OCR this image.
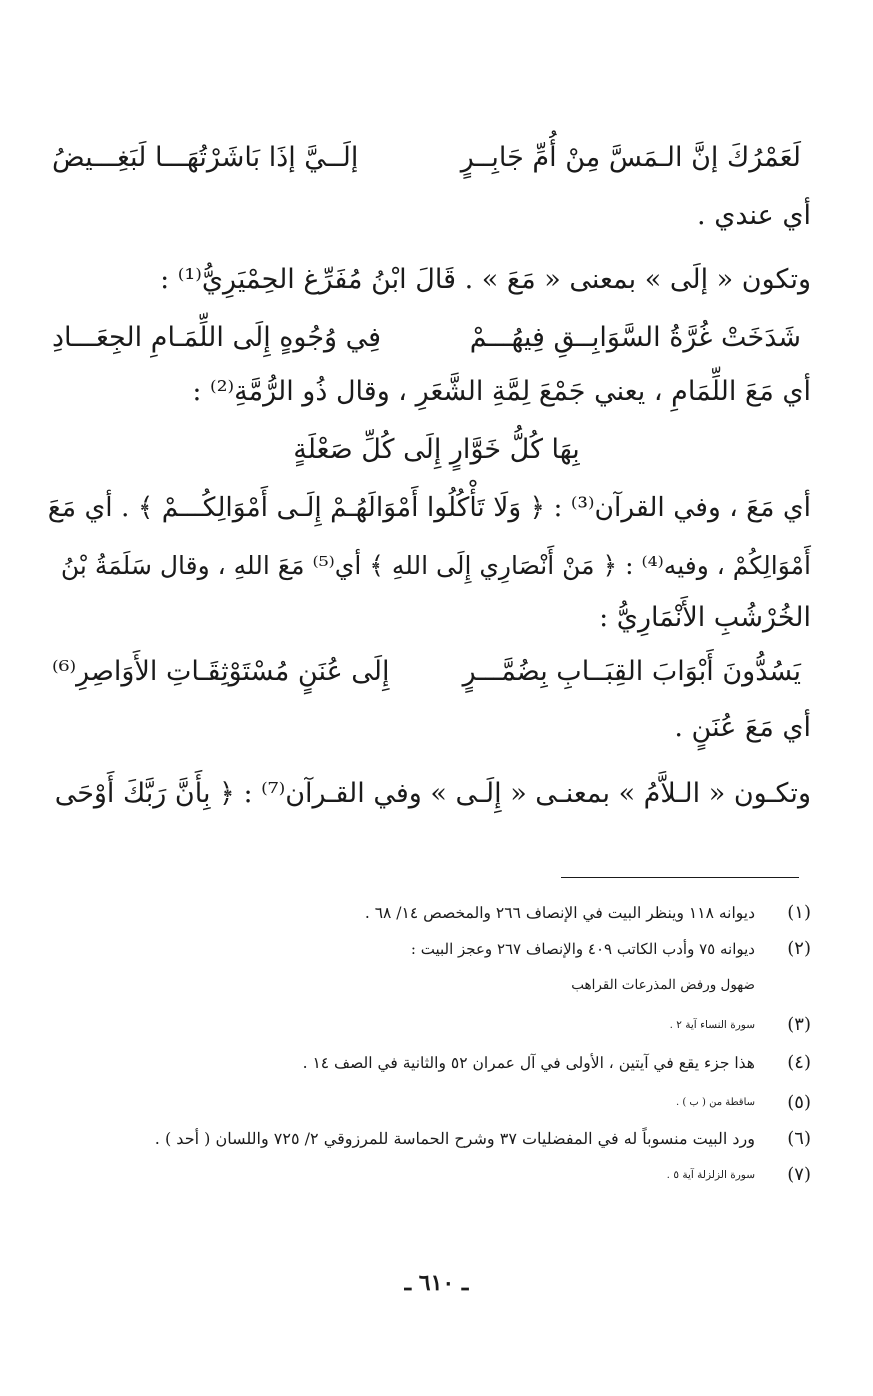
لَعَمْرُكَ إنَّ الـمَسَّ مِنْ أُمِّ جَابِــرٍ
إلَــيَّ إذَا بَاشَرْتُهَـــا لَبَغِـــيضُ
أي عندي .
وتكون « إلَى » بمعنى « مَعَ » . قَالَ ابْنُ مُفَرِّغ الحِمْيَرِيُّ⁽¹⁾ :
شَدَخَتْ غُرَّةُ السَّوَابِــقِ فِيهُـــمْ
فِي وُجُوهٍ إِلَى اللِّمَـامِ الجِعَـــادِ
أي مَعَ اللِّمَامِ ، يعني جَمْعَ لِمَّةِ الشَّعَرِ ، وقال ذُو الرُّمَّةِ⁽²⁾ :
بِهَا كُلُّ خَوَّارٍ إِلَى كُلِّ صَعْلَةٍ
أي مَعَ ، وفي القرآن⁽³⁾ : ﴿ وَلَا تَأْكُلُوا أَمْوَالَهُـمْ إِلَـى أَمْوَالِكُـــمْ ﴾ . أي مَعَ
أَمْوَالِكُمْ ، وفيه⁽⁴⁾ : ﴿ مَنْ أَنْصَارِي إِلَى اللهِ ﴾ أي⁽⁵⁾ مَعَ اللهِ ، وقال سَلَمَةُ بْنُ
الخُرْشُبِ الأَنْمَارِيُّ :
يَسُدُّونَ أَبْوَابَ القِبَــابِ بِضُمَّـــرٍ
إِلَى عُنَنٍ مُسْتَوْثِقَـاتِ الأَوَاصِرِ⁽⁶⁾
أي مَعَ عُنَنٍ .
وتكـون « الـلاَّمُ » بمعنـى « إِلَـى » وفي القـرآن⁽⁷⁾ : ﴿ بِأَنَّ رَبَّكَ أَوْحَى
(١)
ديوانه ١١٨ وينظر البيت في الإنصاف ٢٦٦ والمخصص ١٤/ ٦٨ .
(٢)
ديوانه ٧٥ وأدب الكاتب ٤٠٩ والإنصاف ٢٦٧ وعجز البيت :
ضهول ورفض المذرعات القراهب
(٣)
سورة النساء آية ٢ .
(٤)
هذا جزء يقع في آيتين ، الأولى في آل عمران ٥٢ والثانية في الصف ١٤ .
(٥)
ساقطة من ( ب ) .
(٦)
ورد البيت منسوباً له في المفضليات ٣٧ وشرح الحماسة للمرزوقي ٢/ ٧٢٥ واللسان ( أحد ) .
(٧)
سورة الزلزلة آية ٥ .
ـ ٦١٠ ـ
